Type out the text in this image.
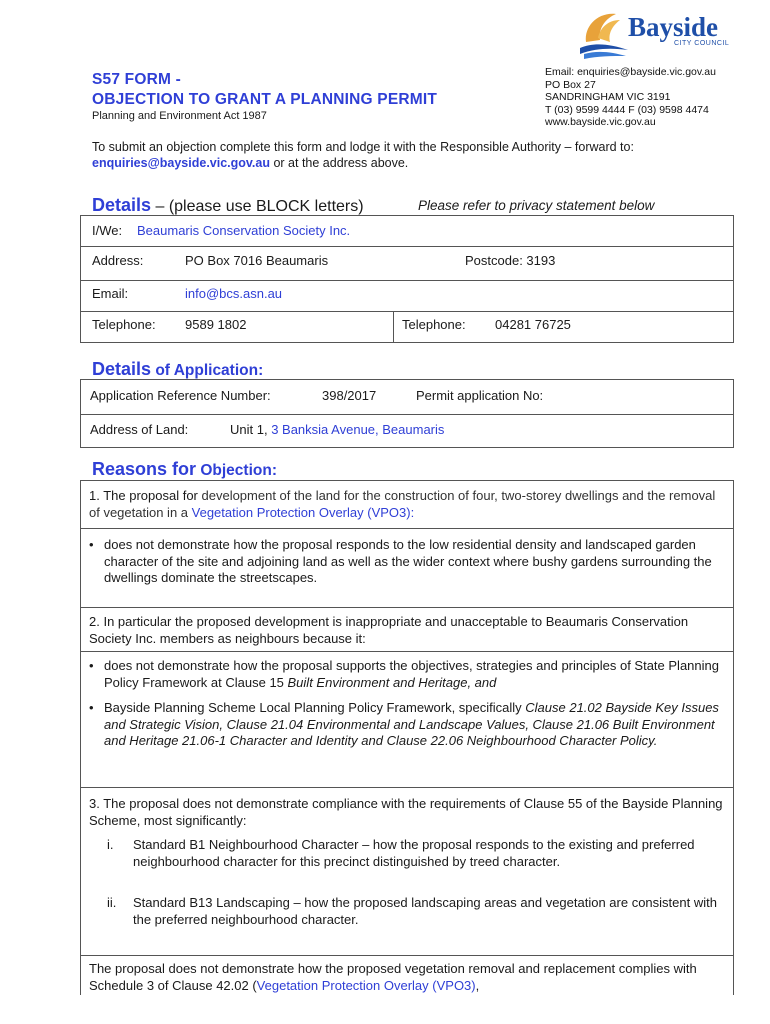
Bayside
CITY COUNCIL
S57 FORM -
OBJECTION TO GRANT A PLANNING PERMIT
Planning and Environment Act 1987
Email: enquiries@bayside.vic.gov.au
PO Box 27
SANDRINGHAM VIC 3191
T (03) 9599 4444 F (03) 9598 4474
www.bayside.vic.gov.au
To submit an objection complete this form and lodge it with the Responsible Authority – forward to: enquiries@bayside.vic.gov.au or at the address above.
Details – (please use BLOCK letters)	Please refer to privacy statement below
I/We: Beaumaris Conservation Society Inc.
Address:	PO Box 7016 Beaumaris	Postcode: 3193
Email:	info@bcs.asn.au
Telephone: 9589 1802	Telephone: 04281 76725
Details of Application:
Application Reference Number:	398/2017	Permit application No:
Address of Land:	Unit 1, 3 Banksia Avenue, Beaumaris
Reasons for Objection:
1. The proposal for development of the land for the construction of four, two-storey dwellings and the removal of vegetation in a Vegetation Protection Overlay (VPO3):
• does not demonstrate how the proposal responds to the low residential density and landscaped garden character of the site and adjoining land as well as the wider context where bushy gardens surrounding the dwellings dominate the streetscapes.
2. In particular the proposed development is inappropriate and unacceptable to Beaumaris Conservation Society Inc. members as neighbours because it:
• does not demonstrate how the proposal supports the objectives, strategies and principles of State Planning Policy Framework at Clause 15 Built Environment and Heritage, and
• Bayside Planning Scheme Local Planning Policy Framework, specifically Clause 21.02 Bayside Key Issues and Strategic Vision, Clause 21.04 Environmental and Landscape Values, Clause 21.06 Built Environment and Heritage 21.06-1 Character and Identity and Clause 22.06 Neighbourhood Character Policy.
3. The proposal does not demonstrate compliance with the requirements of Clause 55 of the Bayside Planning Scheme, most significantly:
i. Standard B1 Neighbourhood Character – how the proposal responds to the existing and preferred neighbourhood character for this precinct distinguished by treed character.
ii. Standard B13 Landscaping – how the proposed landscaping areas and vegetation are consistent with the preferred neighbourhood character.
The proposal does not demonstrate how the proposed vegetation removal and replacement complies with Schedule 3 of Clause 42.02 (Vegetation Protection Overlay (VPO3),
